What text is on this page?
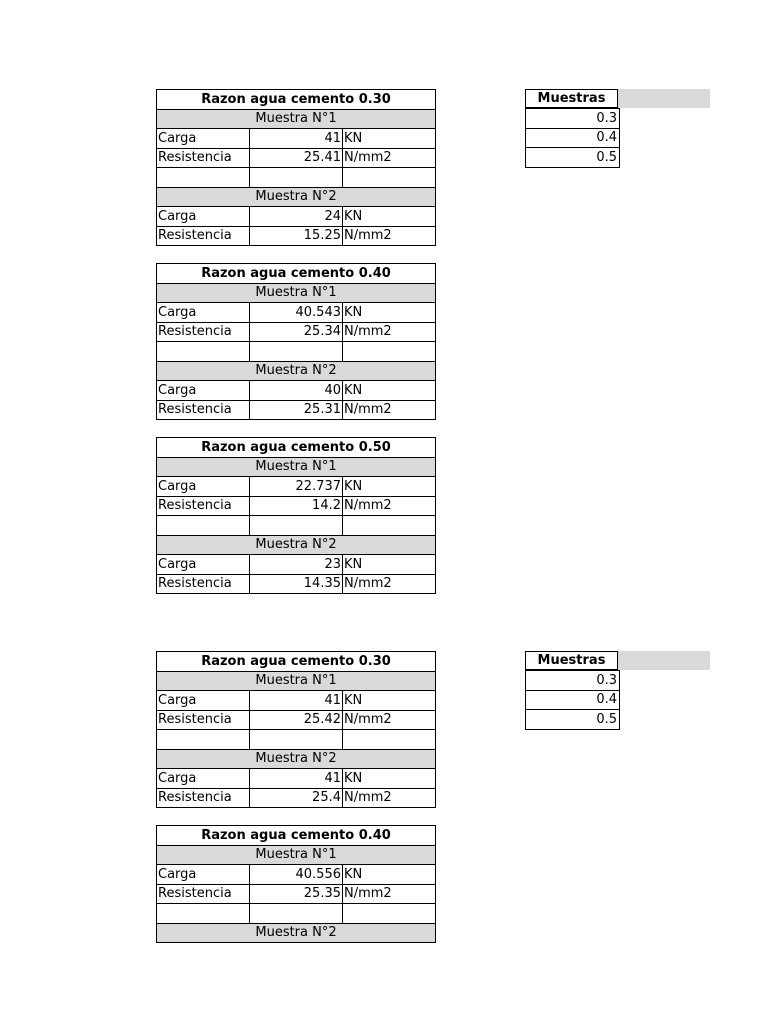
Razon agua cemento 0.30		
Muestra N°1		
Carga	41	KN
Resistencia	25.41	N/mm2

Muestra N°2		
Carga	24	KN
Resistencia	15.25	N/mm2
Razon agua cemento 0.40		
Muestra N°1		
Carga	40.543	KN
Resistencia	25.34	N/mm2

Muestra N°2		
Carga	40	KN
Resistencia	25.31	N/mm2
Razon agua cemento 0.50		
Muestra N°1		
Carga	22.737	KN
Resistencia	14.2	N/mm2

Muestra N°2		
Carga	23	KN
Resistencia	14.35	N/mm2
Razon agua cemento 0.30		
Muestra N°1		
Carga	41	KN
Resistencia	25.42	N/mm2

Muestra N°2		
Carga	41	KN
Resistencia	25.4	N/mm2
Razon agua cemento 0.40		
Muestra N°1		
Carga	40.556	KN
Resistencia	25.35	N/mm2

Muestra N°2		
Muestras
0.3
0.4
0.5
Muestras
0.3
0.4
0.5
